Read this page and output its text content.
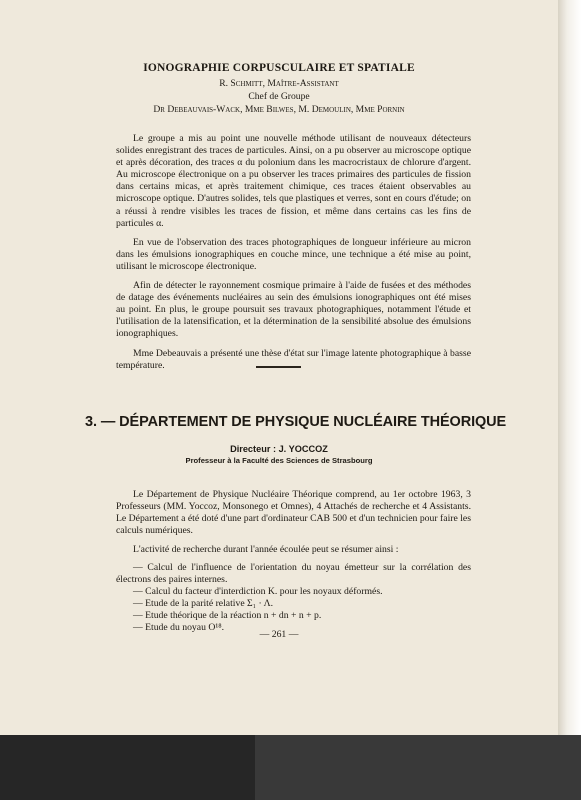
IONOGRAPHIE CORPUSCULAIRE ET SPATIALE
R. Schmitt, Maître-Assistant
Chef de Groupe
Dr Debeauvais-Wack, Mme Bilwes, M. Demoulin, Mme Pornin

Le groupe a mis au point une nouvelle méthode utilisant de nouveaux détecteurs solides enregistrant des traces de particules. Ainsi, on a pu observer au microscope optique et après décoration, des traces α du polonium dans les macrocristaux de chlorure d'argent. Au microscope électronique on a pu observer les traces primaires des particules de fission dans certains micas, et après traitement chimique, ces traces étaient observables au microscope optique. D'autres solides, tels que plastiques et verres, sont en cours d'étude; on a réussi à rendre visibles les traces de fission, et même dans certains cas les fins de particules α.

En vue de l'observation des traces photographiques de longueur inférieure au micron dans les émulsions ionographiques en couche mince, une technique a été mise au point, utilisant le microscope électronique.

Afin de détecter le rayonnement cosmique primaire à l'aide de fusées et des méthodes de datage des événements nucléaires au sein des émulsions ionographiques ont été mises au point. En plus, le groupe poursuit ses travaux photographiques, notamment l'étude et l'utilisation de la latensification, et la détermination de la sensibilité absolue des émulsions ionographiques.

Mme Debeauvais a présenté une thèse d'état sur l'image latente photographique à basse température.

3. — DÉPARTEMENT DE PHYSIQUE NUCLÉAIRE THÉORIQUE
Directeur : J. YOCCOZ
Professeur à la Faculté des Sciences de Strasbourg

Le Département de Physique Nucléaire Théorique comprend, au 1er octobre 1963, 3 Professeurs (MM. Yoccoz, Monsonego et Omnes), 4 Attachés de recherche et 4 Assistants. Le Département a été doté d'une part d'ordinateur CAB 500 et d'un technicien pour faire les calculs numériques.

L'activité de recherche durant l'année écoulée peut se résumer ainsi :

— Calcul de l'influence de l'orientation du noyau émetteur sur la corrélation des électrons des paires internes.
— Calcul du facteur d'interdiction K. pour les noyaux déformés.
— Etude de la parité relative Σ₁ · Λ.
— Etude théorique de la réaction n + dn + n + p.
— Etude du noyau O¹⁸.
— 261 —
